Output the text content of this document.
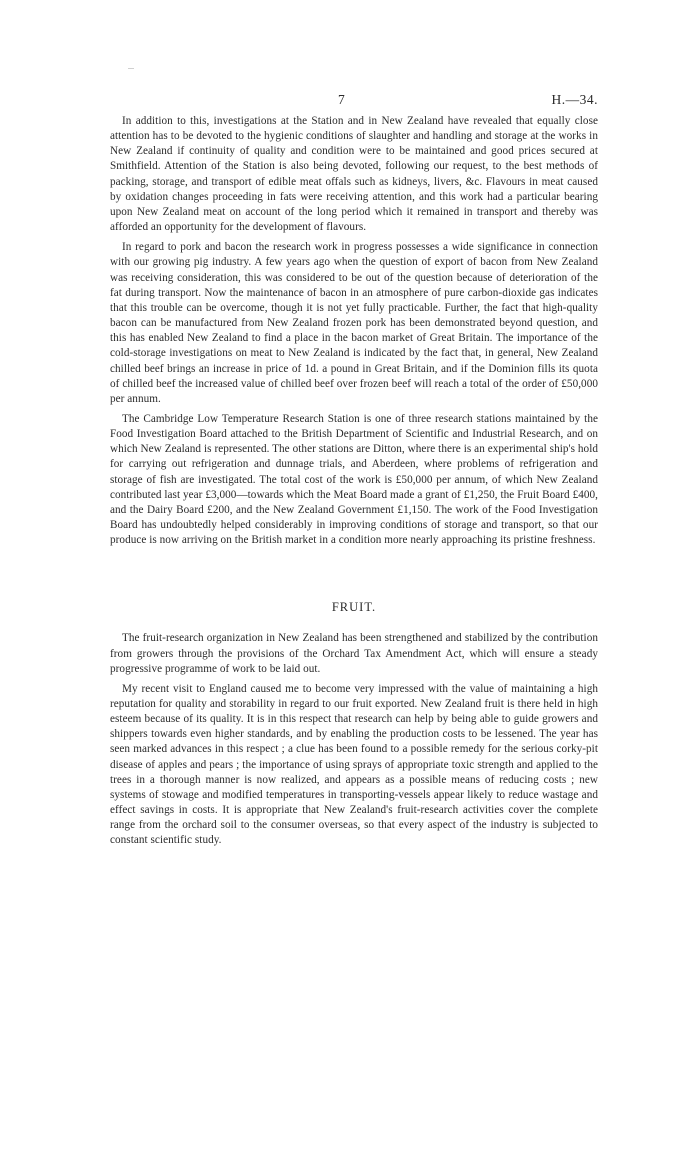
7	H.—34.

In addition to this, investigations at the Station and in New Zealand have revealed that equally close attention has to be devoted to the hygienic conditions of slaughter and handling and storage at the works in New Zealand if continuity of quality and condition were to be maintained and good prices secured at Smithfield. Attention of the Station is also being devoted, following our request, to the best methods of packing, storage, and transport of edible meat offals such as kidneys, livers, &c. Flavours in meat caused by oxidation changes proceeding in fats were receiving attention, and this work had a particular bearing upon New Zealand meat on account of the long period which it remained in transport and thereby was afforded an opportunity for the development of flavours.

In regard to pork and bacon the research work in progress possesses a wide significance in connection with our growing pig industry. A few years ago when the question of export of bacon from New Zealand was receiving consideration, this was considered to be out of the question because of deterioration of the fat during transport. Now the maintenance of bacon in an atmosphere of pure carbon-dioxide gas indicates that this trouble can be overcome, though it is not yet fully practicable. Further, the fact that high-quality bacon can be manufactured from New Zealand frozen pork has been demonstrated beyond question, and this has enabled New Zealand to find a place in the bacon market of Great Britain. The importance of the cold-storage investigations on meat to New Zealand is indicated by the fact that, in general, New Zealand chilled beef brings an increase in price of 1d. a pound in Great Britain, and if the Dominion fills its quota of chilled beef the increased value of chilled beef over frozen beef will reach a total of the order of £50,000 per annum.

The Cambridge Low Temperature Research Station is one of three research stations maintained by the Food Investigation Board attached to the British Department of Scientific and Industrial Research, and on which New Zealand is represented. The other stations are Ditton, where there is an experimental ship's hold for carrying out refrigeration and dunnage trials, and Aberdeen, where problems of refrigeration and storage of fish are investigated. The total cost of the work is £50,000 per annum, of which New Zealand contributed last year £3,000—towards which the Meat Board made a grant of £1,250, the Fruit Board £400, and the Dairy Board £200, and the New Zealand Government £1,150. The work of the Food Investigation Board has undoubtedly helped considerably in improving conditions of storage and transport, so that our produce is now arriving on the British market in a condition more nearly approaching its pristine freshness.

FRUIT.

The fruit-research organization in New Zealand has been strengthened and stabilized by the contribution from growers through the provisions of the Orchard Tax Amendment Act, which will ensure a steady progressive programme of work to be laid out.

My recent visit to England caused me to become very impressed with the value of maintaining a high reputation for quality and storability in regard to our fruit exported. New Zealand fruit is there held in high esteem because of its quality. It is in this respect that research can help by being able to guide growers and shippers towards even higher standards, and by enabling the production costs to be lessened. The year has seen marked advances in this respect ; a clue has been found to a possible remedy for the serious corky-pit disease of apples and pears ; the importance of using sprays of appropriate toxic strength and applied to the trees in a thorough manner is now realized, and appears as a possible means of reducing costs ; new systems of stowage and modified temperatures in transporting-vessels appear likely to reduce wastage and effect savings in costs. It is appropriate that New Zealand's fruit-research activities cover the complete range from the orchard soil to the consumer overseas, so that every aspect of the industry is subjected to constant scientific study.
